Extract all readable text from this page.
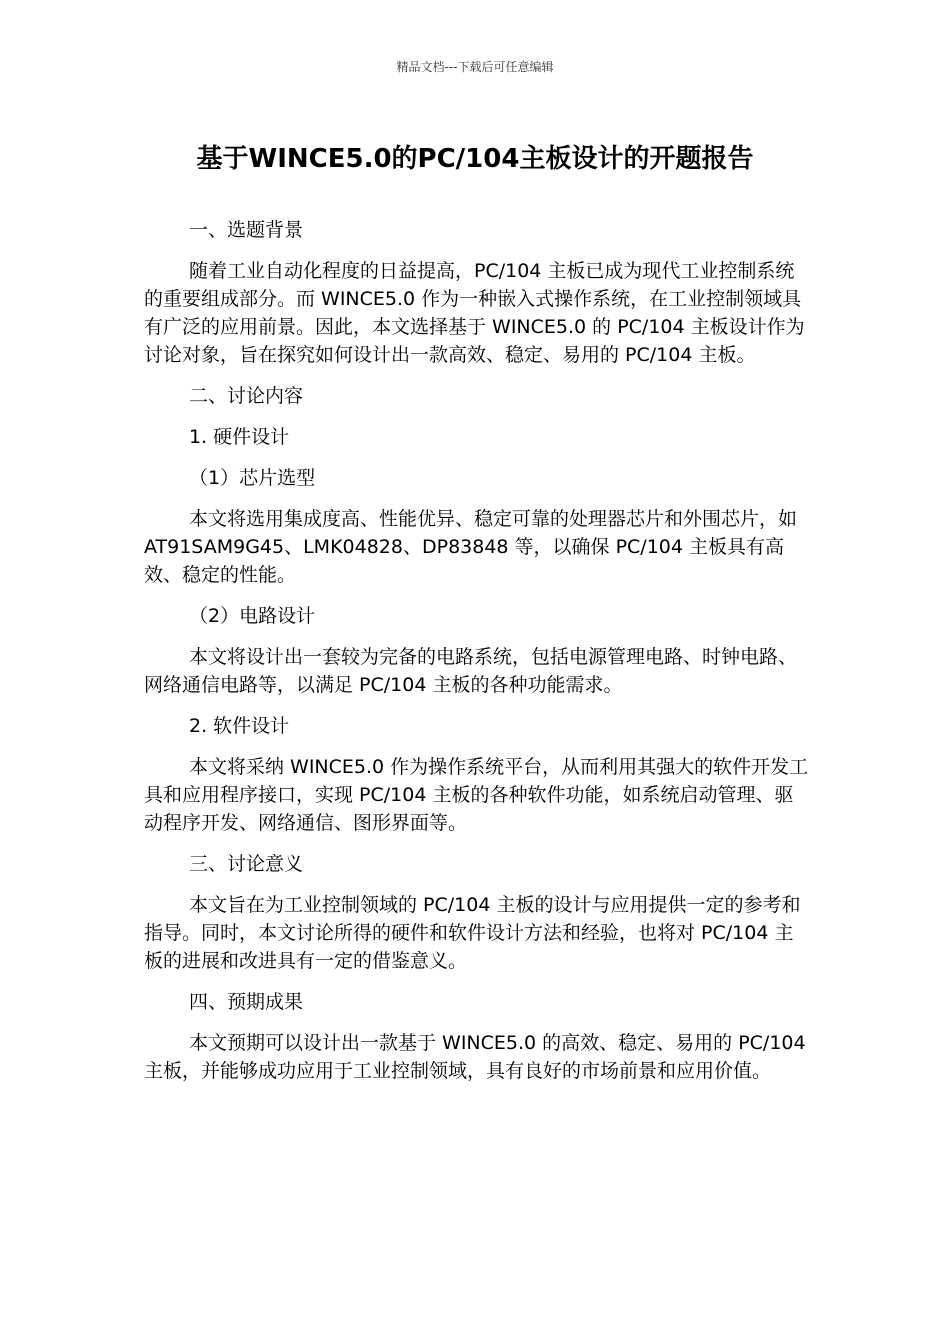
精品文档---下载后可任意编辑
基于WINCE5.0的PC/104主板设计的开题报告

一、选题背景

随着工业自动化程度的日益提高，PC/104 主板已成为现代工业控制系统的重要组成部分。而 WINCE5.0 作为一种嵌入式操作系统，在工业控制领域具有广泛的应用前景。因此，本文选择基于 WINCE5.0 的 PC/104 主板设计作为讨论对象，旨在探究如何设计出一款高效、稳定、易用的 PC/104 主板。

二、讨论内容

1. 硬件设计

（1）芯片选型

本文将选用集成度高、性能优异、稳定可靠的处理器芯片和外围芯片，如 AT91SAM9G45、LMK04828、DP83848 等，以确保 PC/104 主板具有高效、稳定的性能。

（2）电路设计

本文将设计出一套较为完备的电路系统，包括电源管理电路、时钟电路、网络通信电路等，以满足 PC/104 主板的各种功能需求。

2. 软件设计

本文将采纳 WINCE5.0 作为操作系统平台，从而利用其强大的软件开发工具和应用程序接口，实现 PC/104 主板的各种软件功能，如系统启动管理、驱动程序开发、网络通信、图形界面等。

三、讨论意义

本文旨在为工业控制领域的 PC/104 主板的设计与应用提供一定的参考和指导。同时，本文讨论所得的硬件和软件设计方法和经验，也将对 PC/104 主板的进展和改进具有一定的借鉴意义。

四、预期成果

本文预期可以设计出一款基于 WINCE5.0 的高效、稳定、易用的 PC/104 主板，并能够成功应用于工业控制领域，具有良好的市场前景和应用价值。
